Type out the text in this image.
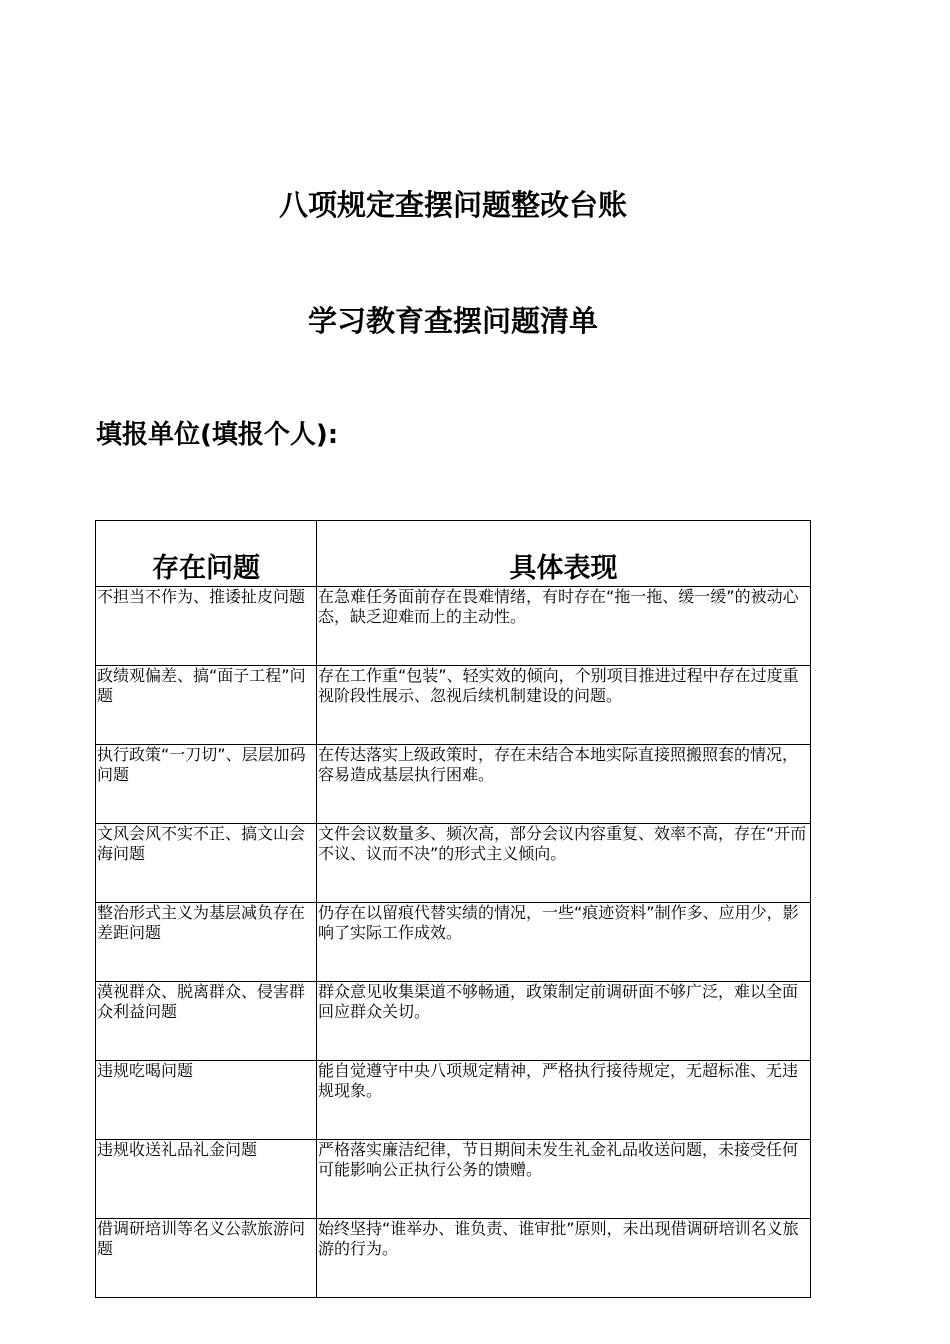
八项规定查摆问题整改台账
学习教育查摆问题清单
填报单位(填报个人):
存在问题	具体表现
不担当不作为、推诿扯皮问题	在急难任务面前存在畏难情绪，有时存在“拖一拖、缓一缓”的被动心态，缺乏迎难而上的主动性。
政绩观偏差、搞“面子工程”问题	存在工作重“包装”、轻实效的倾向，个别项目推进过程中存在过度重视阶段性展示、忽视后续机制建设的问题。
执行政策“一刀切”、层层加码问题	在传达落实上级政策时，存在未结合本地实际直接照搬照套的情况，容易造成基层执行困难。
文风会风不实不正、搞文山会海问题	文件会议数量多、频次高，部分会议内容重复、效率不高，存在“开而不议、议而不决”的形式主义倾向。
整治形式主义为基层减负存在差距问题	仍存在以留痕代替实绩的情况，一些“痕迹资料”制作多、应用少，影响了实际工作成效。
漠视群众、脱离群众、侵害群众利益问题	群众意见收集渠道不够畅通，政策制定前调研面不够广泛，难以全面回应群众关切。
违规吃喝问题	能自觉遵守中央八项规定精神，严格执行接待规定，无超标准、无违规现象。
违规收送礼品礼金问题	严格落实廉洁纪律，节日期间未发生礼金礼品收送问题，未接受任何可能影响公正执行公务的馈赠。
借调研培训等名义公款旅游问题	始终坚持“谁举办、谁负责、谁审批”原则，未出现借调研培训名义旅游的行为。
